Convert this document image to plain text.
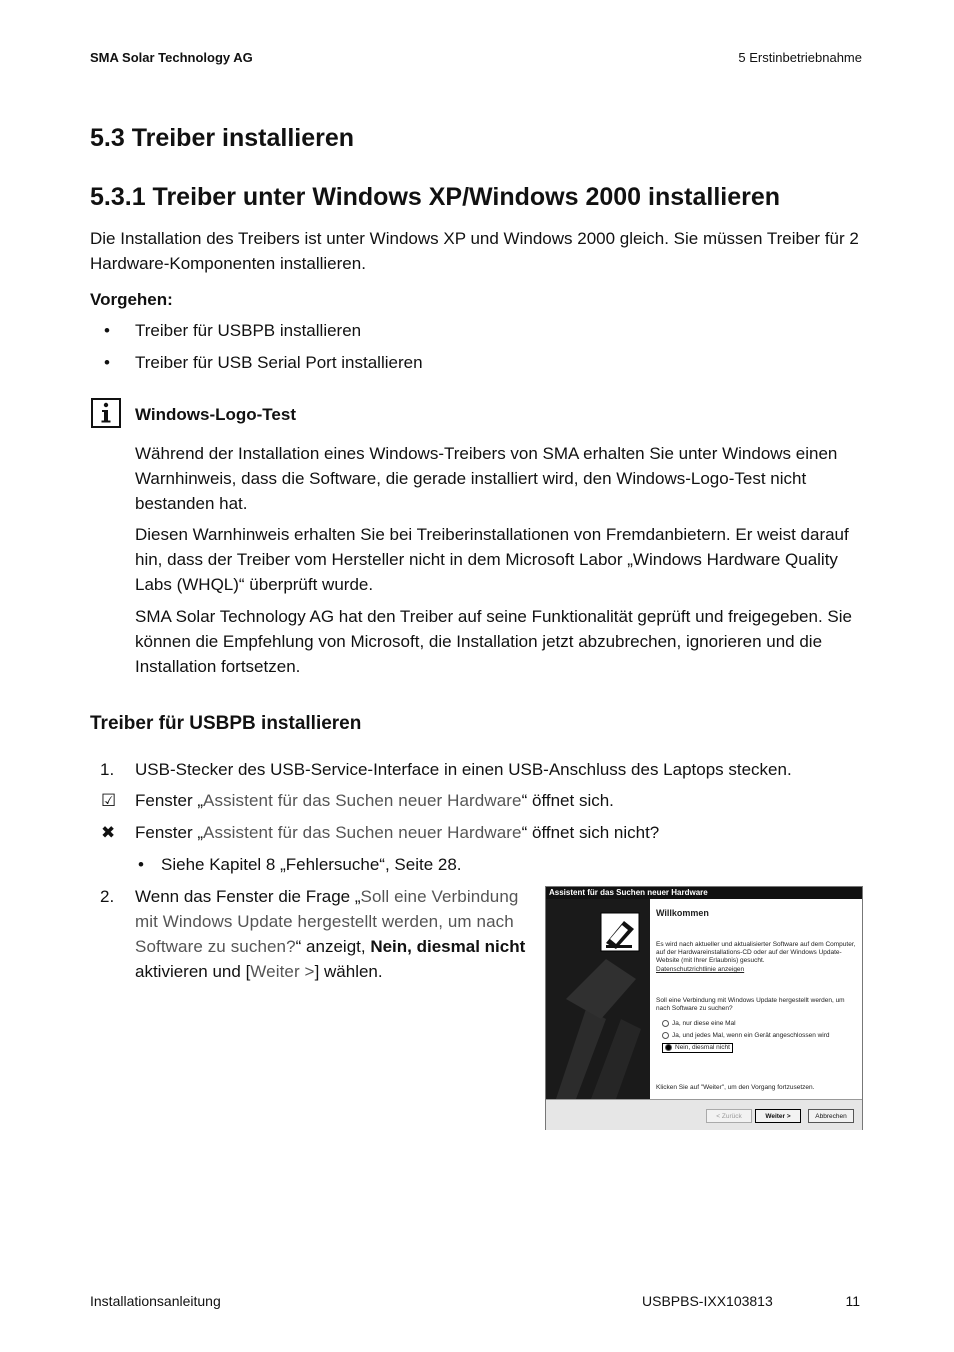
SMA Solar Technology AG	5 Erstinbetriebnahme
5.3 Treiber installieren
5.3.1 Treiber unter Windows XP/Windows 2000 installieren
Die Installation des Treibers ist unter Windows XP und Windows 2000 gleich. Sie müssen Treiber für 2 Hardware-Komponenten installieren.
Vorgehen:
• Treiber für USBPB installieren
• Treiber für USB Serial Port installieren
Windows-Logo-Test
Während der Installation eines Windows-Treibers von SMA erhalten Sie unter Windows einen Warnhinweis, dass die Software, die gerade installiert wird, den Windows-Logo-Test nicht bestanden hat.
Diesen Warnhinweis erhalten Sie bei Treiberinstallationen von Fremdanbietern. Er weist darauf hin, dass der Treiber vom Hersteller nicht in dem Microsoft Labor „Windows Hardware Quality Labs (WHQL)“ überprüft wurde.
SMA Solar Technology AG hat den Treiber auf seine Funktionalität geprüft und freigegeben. Sie können die Empfehlung von Microsoft, die Installation jetzt abzubrechen, ignorieren und die Installation fortsetzen.
Treiber für USBPB installieren
1. USB-Stecker des USB-Service-Interface in einen USB-Anschluss des Laptops stecken.
☑ Fenster „Assistent für das Suchen neuer Hardware“ öffnet sich.
✖ Fenster „Assistent für das Suchen neuer Hardware“ öffnet sich nicht?
• Siehe Kapitel 8 „Fehlersuche“, Seite 28.
2. Wenn das Fenster die Frage „Soll eine Verbindung mit Windows Update hergestellt werden, um nach Software zu suchen?“ anzeigt, Nein, diesmal nicht aktivieren und [Weiter >] wählen.
Assistent für das Suchen neuer Hardware
Willkommen
Es wird nach aktueller und aktualisierter Software auf dem Computer, auf der Hardwareinstallations-CD oder auf der Windows Update-Website (mit Ihrer Erlaubnis) gesucht.
Datenschutzrichtlinie anzeigen
Soll eine Verbindung mit Windows Update hergestellt werden, um nach Software zu suchen?
Ja, nur diese eine Mal
Ja, und jedes Mal, wenn ein Gerät angeschlossen wird
Nein, diesmal nicht
Klicken Sie auf "Weiter", um den Vorgang fortzusetzen.
< Zurück	Weiter >	Abbrechen
Installationsanleitung	USBPBS-IXX103813	11
